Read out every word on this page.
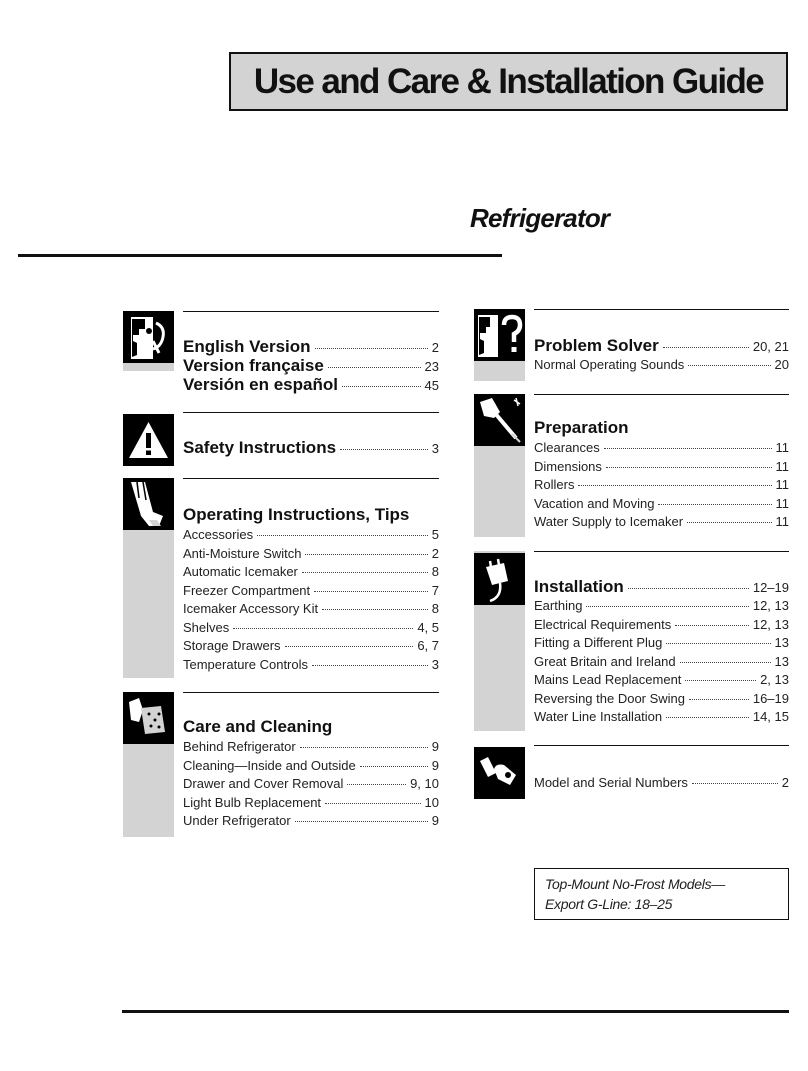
Use and Care & Installation Guide
Refrigerator
English Version	2
Version française	23
Versión en español	45
Safety Instructions	3
Operating Instructions, Tips
Accessories	5
Anti-Moisture Switch	2
Automatic Icemaker	8
Freezer Compartment	7
Icemaker Accessory Kit	8
Shelves	4, 5
Storage Drawers	6, 7
Temperature Controls	3
Care and Cleaning
Behind Refrigerator	9
Cleaning—Inside and Outside	9
Drawer and Cover Removal	9, 10
Light Bulb Replacement	10
Under Refrigerator	9
Problem Solver	20, 21
Normal Operating Sounds	20
Preparation
Clearances	11
Dimensions	11
Rollers	11
Vacation and Moving	11
Water Supply to Icemaker	11
Installation	12–19
Earthing	12, 13
Electrical Requirements	12, 13
Fitting a Different Plug	13
Great Britain and Ireland	13
Mains Lead Replacement	2, 13
Reversing the Door Swing	16–19
Water Line Installation	14, 15
Model and Serial Numbers	2
Top-Mount No-Frost Models—
Export G-Line: 18–25
